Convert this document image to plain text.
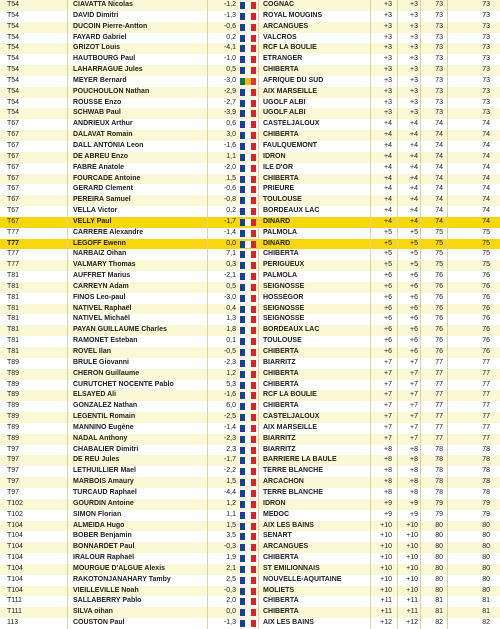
T54	CIAVATTA Nicolas	-1,2	COGNAC	+3	+3	73	73
T54	DAVID Dimitri	-1,3	ROYAL MOUGINS	+3	+3	73	73
T54	DUCOIN Pierre-Antton	-0,6	ARCANGUES	+3	+3	73	73
T54	FAYARD Gabriel	0,2	VALCROS	+3	+3	73	73
T54	GRIZOT Louis	-4,1	RCF LA BOULIE	+3	+3	73	73
T54	HAUTBOURG Paul	-1,0	ETRANGER	+3	+3	73	73
T54	LAHARRAGUE Jules	0,5	CHIBERTA	+3	+3	73	73
T54	MEYER Bernard	-3,0	AFRIQUE DU SUD	+3	+3	73	73
T54	POUCHOULON Nathan	-2,9	AIX MARSEILLE	+3	+3	73	73
T54	ROUSSE Enzo	-2,7	UGOLF ALBI	+3	+3	73	73
T54	SCHWAB Paul	-3,9	UGOLF ALBI	+3	+3	73	73
T67	ANDRIEUX Arthur	0,6	CASTELJALOUX	+4	+4	74	74
T67	DALAVAT Romain	3,0	CHIBERTA	+4	+4	74	74
T67	DALL ANTONIA Leon	-1,6	FAULQUEMONT	+4	+4	74	74
T67	DE ABREU Enzo	1,1	IDRON	+4	+4	74	74
T67	FABRE Anatole	-2,0	ILE D'OR	+4	+4	74	74
T67	FOURCADE Antoine	1,5	CHIBERTA	+4	+4	74	74
T67	GERARD Clement	-0,6	PRIEURE	+4	+4	74	74
T67	PEREIRA Samuel	-0,8	TOULOUSE	+4	+4	74	74
T67	VELLA Victor	0,2	BORDEAUX LAC	+4	+4	74	74
T67	VELLY Paul	-1,7	DINARD	+4	+4	74	74
T77	CARRERE Alexandre	-1,4	PALMOLA	+5	+5	75	75
T77	LEGOFF Ewenn	0,0	DINARD	+5	+5	75	75
T77	NARBAIZ Oihan	7,1	CHIBERTA	+5	+5	75	75
T77	VALMARY Thomas	0,3	PERIGUEUX	+5	+5	75	75
T81	AUFFRET Marius	-2,1	PALMOLA	+6	+6	76	76
T81	CARREYN Adam	0,5	SEIGNOSSE	+6	+6	76	76
T81	FINOS Leo-paul	-3,0	HOSSEGOR	+6	+6	76	76
T81	NATIVEL Raphaël	0,4	SEIGNOSSE	+6	+6	76	76
T81	NATIVEL Michaël	1,3	SEIGNOSSE	+6	+6	76	76
T81	PAYAN GUILLAUME Charles	1,8	BORDEAUX LAC	+6	+6	76	76
T81	RAMONET Esteban	0,1	TOULOUSE	+6	+6	76	76
T81	ROVEL Ilan	-0,5	CHIBERTA	+6	+6	76	76
T89	BRULE Giovanni	-2,3	BIARRITZ	+7	+7	77	77
T89	CHERON Guillaume	1,2	CHIBERTA	+7	+7	77	77
T89	CURUTCHET NOCENTE Pablo	5,3	CHIBERTA	+7	+7	77	77
T89	ELSAYED Ali	-1,6	RCF LA BOULIE	+7	+7	77	77
T89	GONZALEZ Nathan	6,0	CHIBERTA	+7	+7	77	77
T89	LEGENTIL Romain	-2,5	CASTELJALOUX	+7	+7	77	77
T89	MANNINO Eugène	-1,4	AIX MARSEILLE	+7	+7	77	77
T89	NADAL Anthony	-2,3	BIARRITZ	+7	+7	77	77
T97	CHABALIER Dimitri	2,3	BIARRITZ	+8	+8	78	78
T97	DE REU Jules	-1,7	BARRIERE LA BAULE	+8	+8	78	78
T97	LETHUILLIER Mael	-2,2	TERRE BLANCHE	+8	+8	78	78
T97	MARBOIS Amaury	1,5	ARCACHON	+8	+8	78	78
T97	TURCAUD Raphael	-4,4	TERRE BLANCHE	+8	+8	78	78
T102	GOURDIN Antoine	1,2	IDRON	+9	+9	79	79
T102	SIMON Florian	1,1	MEDOC	+9	+9	79	79
T104	ALMEIDA Hugo	1,5	AIX LES BAINS	+10	+10	80	80
T104	BOBER Benjamin	3,5	SENART	+10	+10	80	80
T104	BONNARDET Paul	-0,3	ARCANGUES	+10	+10	80	80
T104	IRALOUR Raphaël	1,9	CHIBERTA	+10	+10	80	80
T104	MOURGUE D'ALGUE Alexis	2,1	ST EMILIONNAIS	+10	+10	80	80
T104	RAKOTONJANAHARY Tamby	2,5	NOUVELLE-AQUITAINE	+10	+10	80	80
T104	VIEILLEVILLE Noah	-0,3	MOLIETS	+10	+10	80	80
T111	SALLABERRY Pablo	2,0	CHIBERTA	+11	+11	81	81
T111	SILVA oihan	0,0	CHIBERTA	+11	+11	81	81
113	COUSTON Paul	-1,3	AIX LES BAINS	+12	+12	82	82
